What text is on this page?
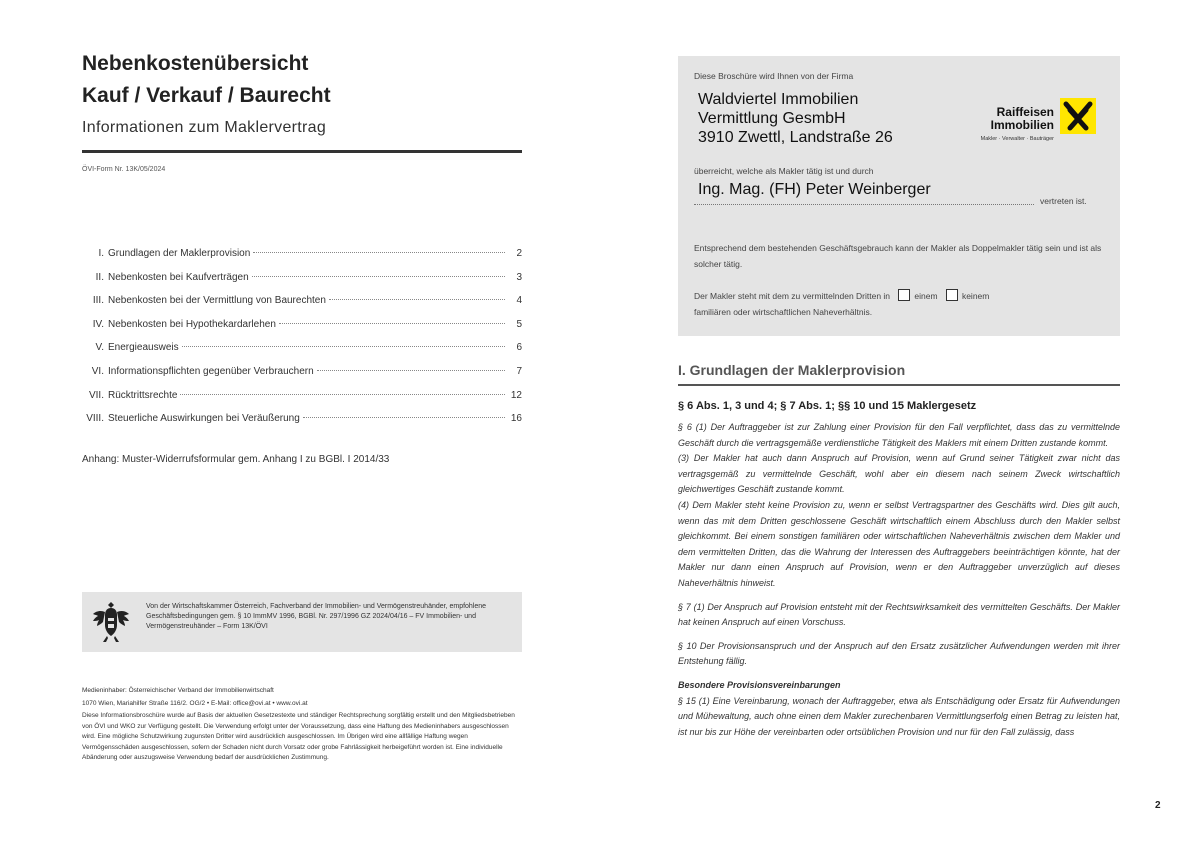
Nebenkostenübersicht
Kauf / Verkauf / Baurecht
Informationen zum Maklervertrag
ÖVI-Form Nr. 13K/05/2024
I. Grundlagen der Maklerprovision	2
II. Nebenkosten bei Kaufverträgen	3
III. Nebenkosten bei der Vermittlung von Baurechten	4
IV. Nebenkosten bei Hypothekardarlehen	5
V. Energieausweis	6
VI. Informationspflichten gegenüber Verbrauchern	7
VII. Rücktrittsrechte	12
VIII. Steuerliche Auswirkungen bei Veräußerung	16
Anhang: Muster-Widerrufsformular gem. Anhang I zu BGBl. I 2014/33
Von der Wirtschaftskammer Österreich, Fachverband der Immobilien- und Vermögenstreuhänder, empfohlene Geschäftsbedingungen gem. § 10 ImmMV 1996, BGBl. Nr. 297/1996 GZ 2024/04/16 – FV Immobilien- und Vermögenstreuhänder – Form 13K/ÖVI

Medieninhaber: Österreichischer Verband der Immobilienwirtschaft

1070 Wien, Mariahilfer Straße 116/2. OG/2 • E-Mail: office@ovi.at • www.ovi.at

Diese Informationsbroschüre wurde auf Basis der aktuellen Gesetzestexte und ständiger Rechtsprechung sorgfältig erstellt und den Mitgliedsbetrieben von ÖVI und WKO zur Verfügung gestellt. Die Verwendung erfolgt unter der Voraussetzung, dass eine Haftung des Medieninhabers ausgeschlossen wird. Eine mögliche Schutzwirkung zugunsten Dritter wird ausdrücklich ausgeschlossen. Im Übrigen wird eine allfällige Haftung wegen Vermögensschäden ausgeschlossen, sofern der Schaden nicht durch Vorsatz oder grobe Fahrlässigkeit herbeigeführt worden ist. Eine individuelle Abänderung oder auszugsweise Verwendung bedarf der ausdrücklichen Zustimmung.

Diese Broschüre wird Ihnen von der Firma
Waldviertel Immobilien
Vermittlung GesmbH
3910 Zwettl, Landstraße 26
Raiffeisen
Immobilien
Makler · Verwalter · Bauträger
überreicht, welche als Makler tätig ist und durch
Ing. Mag. (FH) Peter Weinberger
vertreten ist.
Entsprechend dem bestehenden Geschäftsgebrauch kann der Makler als Doppelmakler tätig sein und ist als solcher tätig.
Der Makler steht mit dem zu vermittelnden Dritten in	einem	keinem
familiären oder wirtschaftlichen Naheverhältnis.
I. Grundlagen der Maklerprovision
§ 6 Abs. 1, 3 und 4; § 7 Abs. 1; §§ 10 und 15 Maklergesetz

§ 6 (1) Der Auftraggeber ist zur Zahlung einer Provision für den Fall verpflichtet, dass das zu vermittelnde Geschäft durch die vertragsgemäße verdienstliche Tätigkeit des Maklers mit einem Dritten zustande kommt.

(3) Der Makler hat auch dann Anspruch auf Provision, wenn auf Grund seiner Tätigkeit zwar nicht das vertragsgemäß zu vermittelnde Geschäft, wohl aber ein diesem nach seinem Zweck wirtschaftlich gleichwertiges Geschäft zustande kommt.

(4) Dem Makler steht keine Provision zu, wenn er selbst Vertragspartner des Geschäfts wird. Dies gilt auch, wenn das mit dem Dritten geschlossene Geschäft wirtschaftlich einem Abschluss durch den Makler selbst gleichkommt. Bei einem sonstigen familiären oder wirtschaftlichen Naheverhältnis zwischen dem Makler und dem vermittelten Dritten, das die Wahrung der Interessen des Auftraggebers beeinträchtigen könnte, hat der Makler nur dann einen Anspruch auf Provision, wenn er den Auftraggeber unverzüglich auf dieses Naheverhältnis hinweist.

§ 7 (1) Der Anspruch auf Provision entsteht mit der Rechtswirksamkeit des vermittelten Geschäfts. Der Makler hat keinen Anspruch auf einen Vorschuss.

§ 10 Der Provisionsanspruch und der Anspruch auf den Ersatz zusätzlicher Aufwendungen werden mit ihrer Entstehung fällig.

Besondere Provisionsvereinbarungen

§ 15 (1) Eine Vereinbarung, wonach der Auftraggeber, etwa als Entschädigung oder Ersatz für Aufwendungen und Mühewaltung, auch ohne einen dem Makler zurechenbaren Vermittlungserfolg einen Betrag zu leisten hat, ist nur bis zur Höhe der vereinbarten oder ortsüblichen Provision und nur für den Fall zulässig, dass

2
